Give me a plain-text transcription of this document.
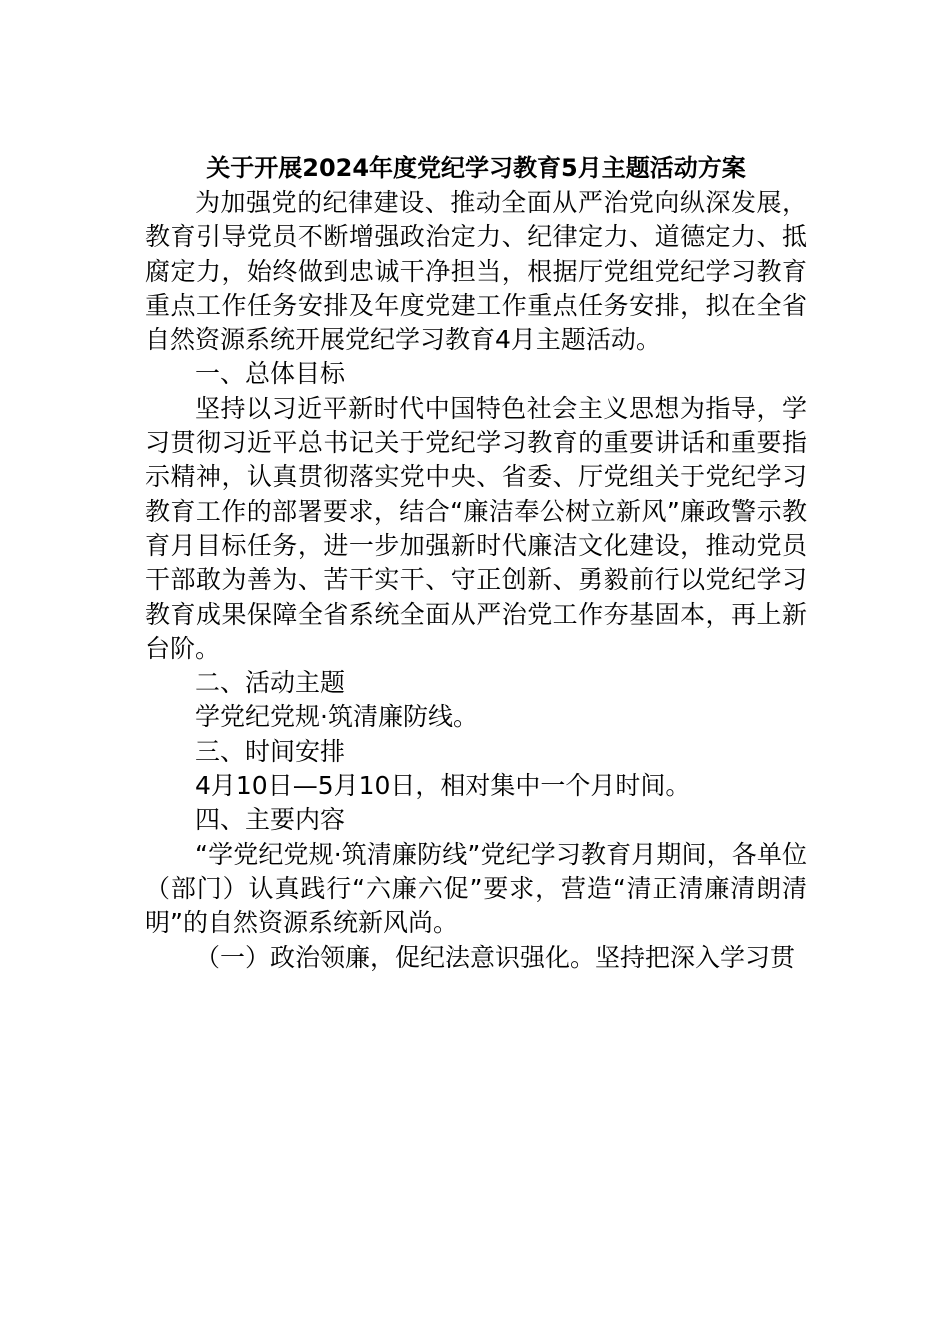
关于开展2024年度党纪学习教育5月主题活动方案

为加强党的纪律建设、推动全面从严治党向纵深发展，教育引导党员不断增强政治定力、纪律定力、道德定力、抵腐定力，始终做到忠诚干净担当，根据厅党组党纪学习教育重点工作任务安排及年度党建工作重点任务安排，拟在全省自然资源系统开展党纪学习教育4月主题活动。

一、总体目标

坚持以习近平新时代中国特色社会主义思想为指导，学习贯彻习近平总书记关于党纪学习教育的重要讲话和重要指示精神，认真贯彻落实党中央、省委、厅党组关于党纪学习教育工作的部署要求，结合“廉洁奉公树立新风”廉政警示教育月目标任务，进一步加强新时代廉洁文化建设，推动党员干部敢为善为、苦干实干、守正创新、勇毅前行以党纪学习教育成果保障全省系统全面从严治党工作夯基固本，再上新台阶。

二、活动主题

学党纪党规·筑清廉防线。

三、时间安排

4月10日—5月10日，相对集中一个月时间。

四、主要内容

“学党纪党规·筑清廉防线”党纪学习教育月期间，各单位（部门）认真践行“六廉六促”要求，营造“清正清廉清朗清明”的自然资源系统新风尚。

（一）政治领廉，促纪法意识强化。坚持把深入学习贯
